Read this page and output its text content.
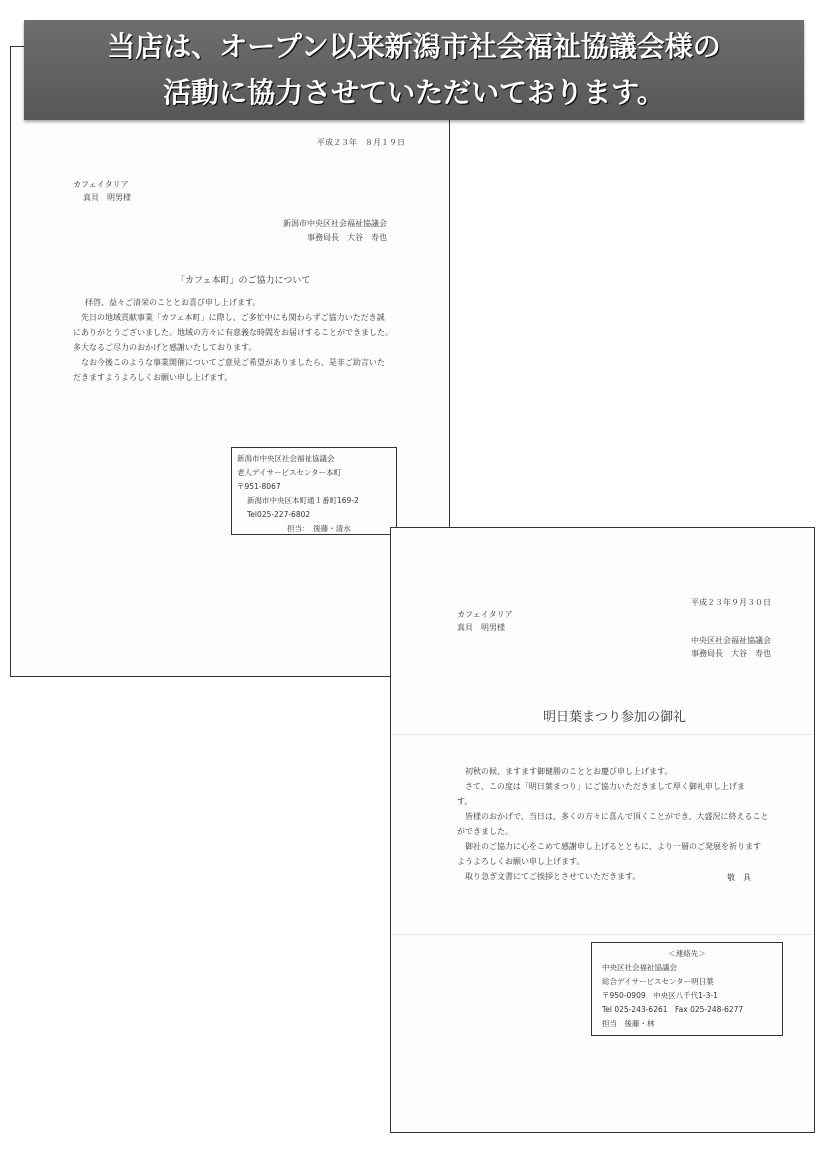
平成２３年　８月１９日
カフェイタリア
真貝　明男様
新潟市中央区社会福祉協議会
事務局長　大谷　寿也
「カフェ本町」のご協力について

拝啓、益々ご清栄のこととお喜び申し上げます。

先日の地域貢献事業「カフェ本町」に際し、ご多忙中にも関わらずご協力いただき誠

にありがとうございました。地域の方々に有意義な時間をお届けすることができました。

多大なるご尽力のおかげと感謝いたしております。

なお今後このような事業開催についてご意見ご希望がありましたら、是非ご助言いた

だきますようよろしくお願い申し上げます。

新潟市中央区社会福祉協議会

老人デイサービスセンター本町

〒951-8067

新潟市中央区本町通１番町169-2

Tel025-227-6802

担当：　後藤・清水

平成２３年９月３０日
カフェイタリア
真貝　明男様
中央区社会福祉協議会
事務局長　大谷　寿也
明日葉まつり参加の御礼

初秋の候、ますます御健勝のこととお慶び申し上げます。

さて、この度は「明日葉まつり」にご協力いただきまして厚く御礼申し上げま

す。

皆様のおかげで、当日は、多くの方々に喜んで頂くことができ、大盛況に終えること

ができました。

御社のご協力に心をこめて感謝申し上げるとともに、より一層のご発展を祈ります

ようよろしくお願い申し上げます。

取り急ぎ文書にてご挨拶とさせていただきます。	敬　具

＜連絡先＞

中央区社会福祉協議会

総合デイサービスセンター明日葉

〒950-0909　中央区八千代1-3-1

Tel 025-243-6261　Fax 025-248-6277

担当　後藤・林

当店は、オープン以来新潟市社会福祉協議会様の
活動に協力させていただいております。
